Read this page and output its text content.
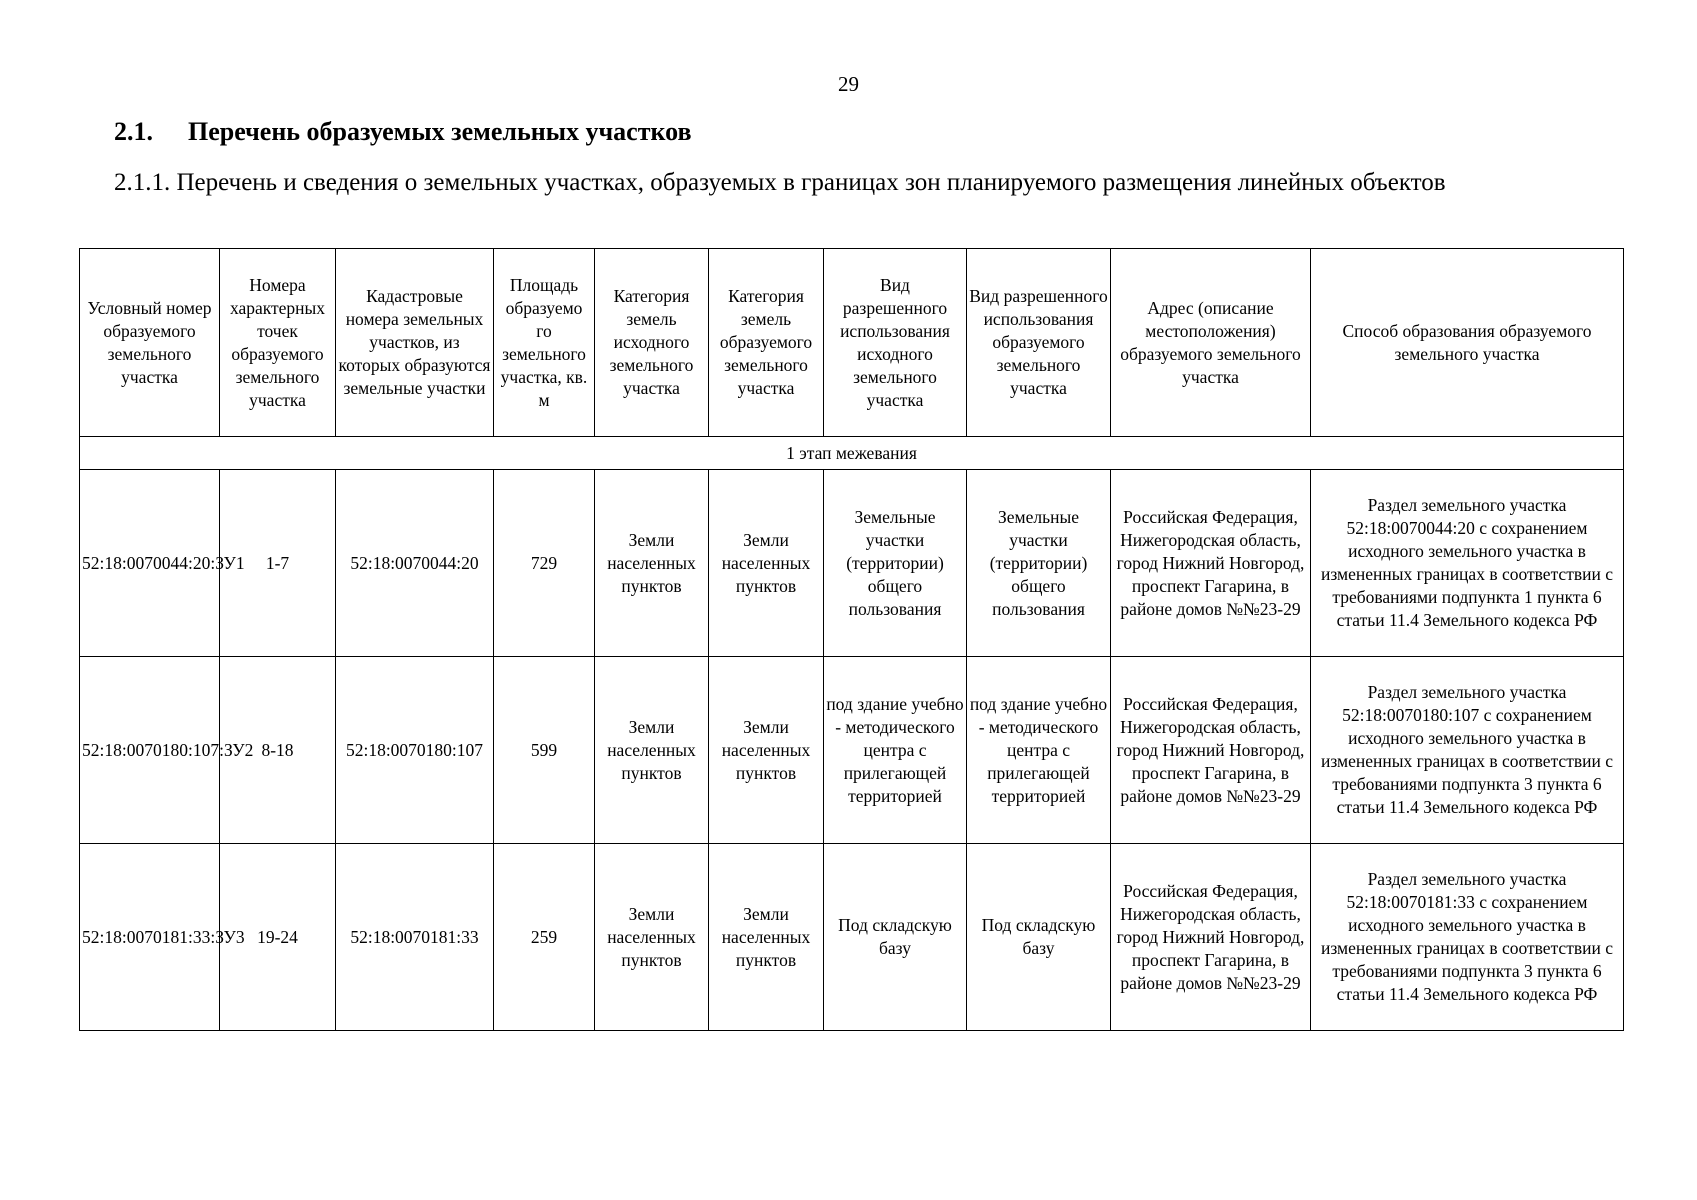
29
2.1. Перечень образуемых земельных участков
2.1.1. Перечень и сведения о земельных участках, образуемых в границах зон планируемого размещения линейных объектов
Условный номер образуемого земельного участка	Номера характерных точек образуемого земельного участка	Кадастровые номера земельных участков, из которых образуются земельные участки	Площадь образуемо го земельного участка, кв. м	Категория земель исходного земельного участка	Категория земель образуемого земельного участка	Вид разрешенного использования исходного земельного участка	Вид разрешенного использования образуемого земельного участка	Адрес (описание местоположения) образуемого земельного участка	Способ образования образуемого земельного участка
1 этап межевания									
52:18:0070044:20:ЗУ1	1-7	52:18:0070044:20	729	Земли населенных пунктов	Земли населенных пунктов	Земельные участки (территории) общего пользования	Земельные участки (территории) общего пользования	Российская Федерация, Нижегородская область, город Нижний Новгород, проспект Гагарина, в районе домов №№23-29	Раздел земельного участка 52:18:0070044:20 с сохранением исходного земельного участка в измененных границах в соответствии с требованиями подпункта 1 пункта 6 статьи 11.4 Земельного кодекса РФ
52:18:0070180:107:ЗУ2	8-18	52:18:0070180:107	599	Земли населенных пунктов	Земли населенных пунктов	под здание учебно - методического центра с прилегающей территорией	под здание учебно - методического центра с прилегающей территорией	Российская Федерация, Нижегородская область, город Нижний Новгород, проспект Гагарина, в районе домов №№23-29	Раздел земельного участка 52:18:0070180:107 с сохранением исходного земельного участка в измененных границах в соответствии с требованиями подпункта 3 пункта 6 статьи 11.4 Земельного кодекса РФ
52:18:0070181:33:ЗУ3	19-24	52:18:0070181:33	259	Земли населенных пунктов	Земли населенных пунктов	Под складскую базу	Под складскую базу	Российская Федерация, Нижегородская область, город Нижний Новгород, проспект Гагарина, в районе домов №№23-29	Раздел земельного участка 52:18:0070181:33 с сохранением исходного земельного участка в измененных границах в соответствии с требованиями подпункта 3 пункта 6 статьи 11.4 Земельного кодекса РФ
